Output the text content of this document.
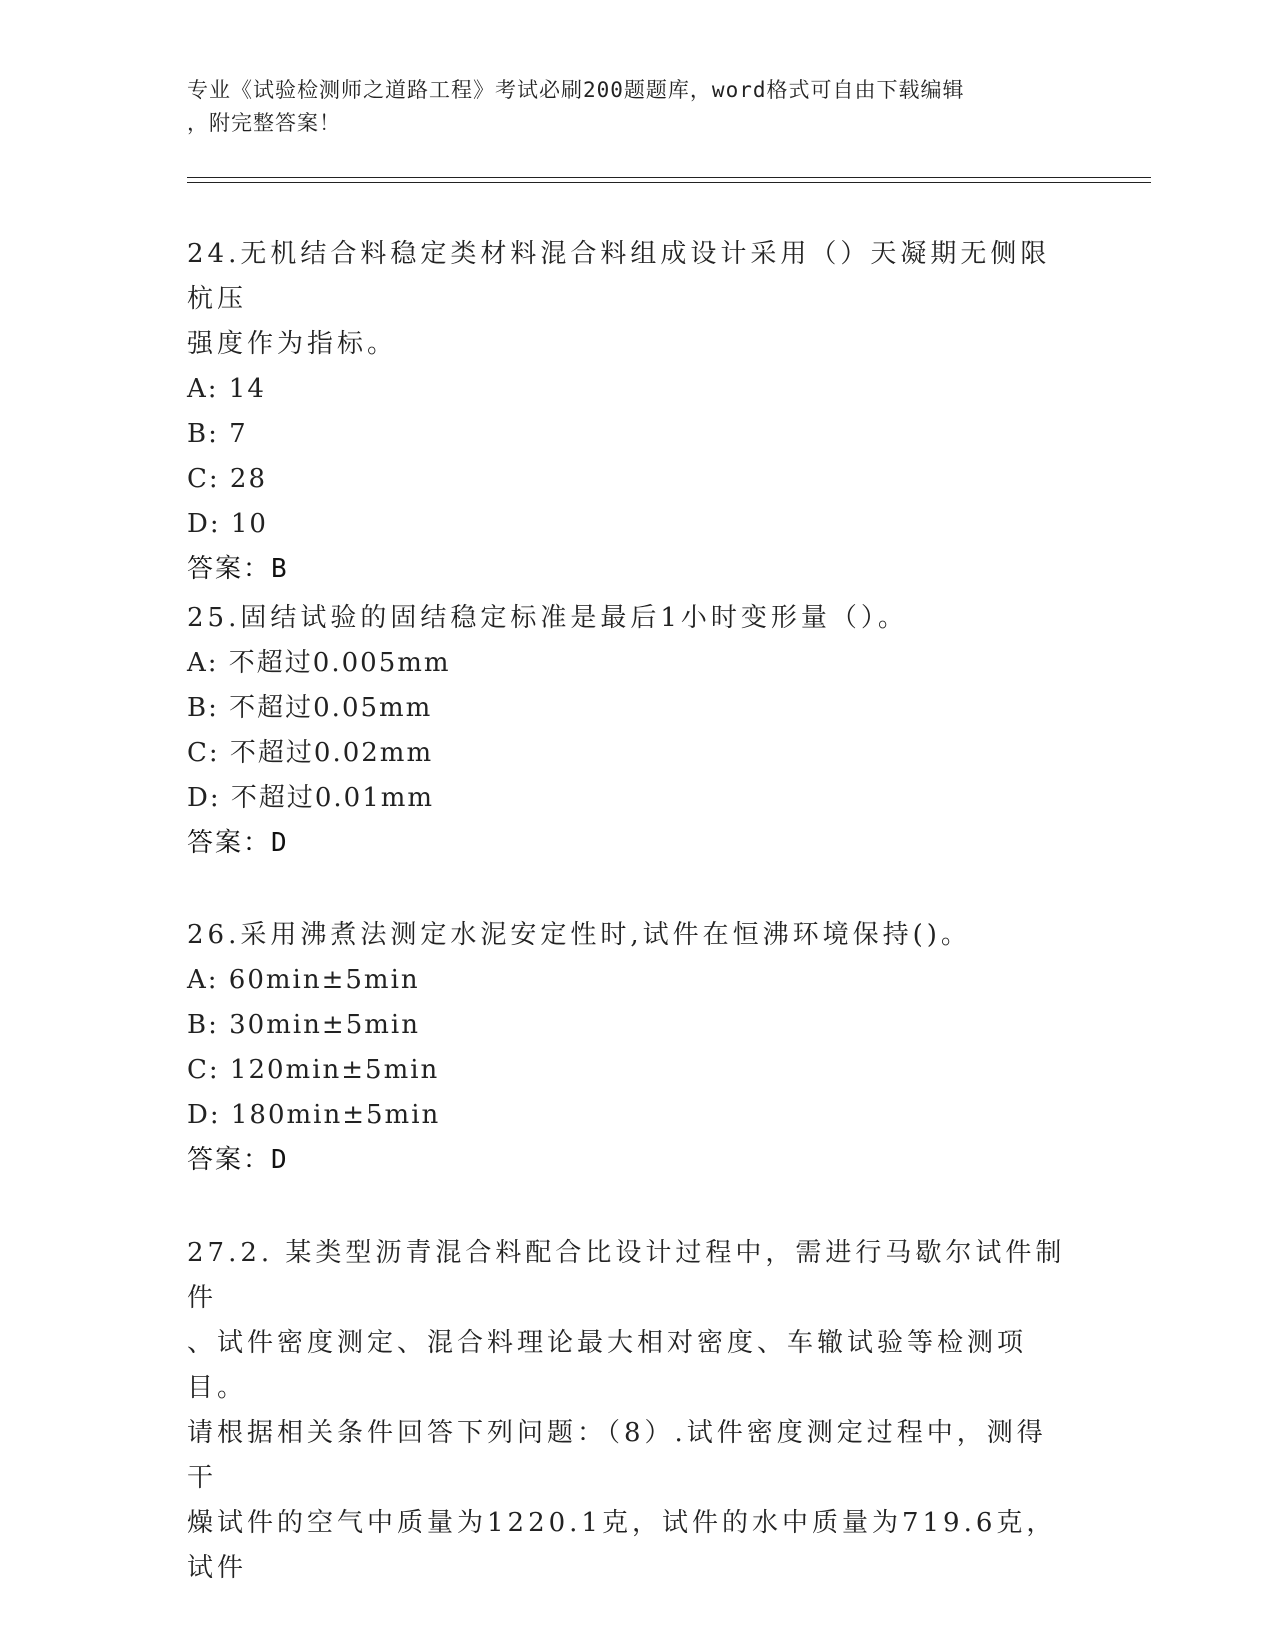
专业《试验检测师之道路工程》考试必刷200题题库，word格式可自由下载编辑
，附完整答案！

24.无机结合料稳定类材料混合料组成设计采用（）天凝期无侧限杭压

强度作为指标。

A: 14

B: 7

C: 28

D: 10

答案：B

25.固结试验的固结稳定标准是最后1小时变形量（）。

A: 不超过0.005mm

B: 不超过0.05mm

C: 不超过0.02mm

D: 不超过0.01mm

答案：D

26.采用沸煮法测定水泥安定性时,试件在恒沸环境保持()。

A: 60min±5min

B: 30min±5min

C: 120min±5min

D: 180min±5min

答案：D

27.2. 某类型沥青混合料配合比设计过程中，需进行马歇尔试件制件

、试件密度测定、混合料理论最大相对密度、车辙试验等检测项目。

请根据相关条件回答下列问题：（8）.试件密度测定过程中，测得干

燥试件的空气中质量为1220.1克，试件的水中质量为719.6克，试件
